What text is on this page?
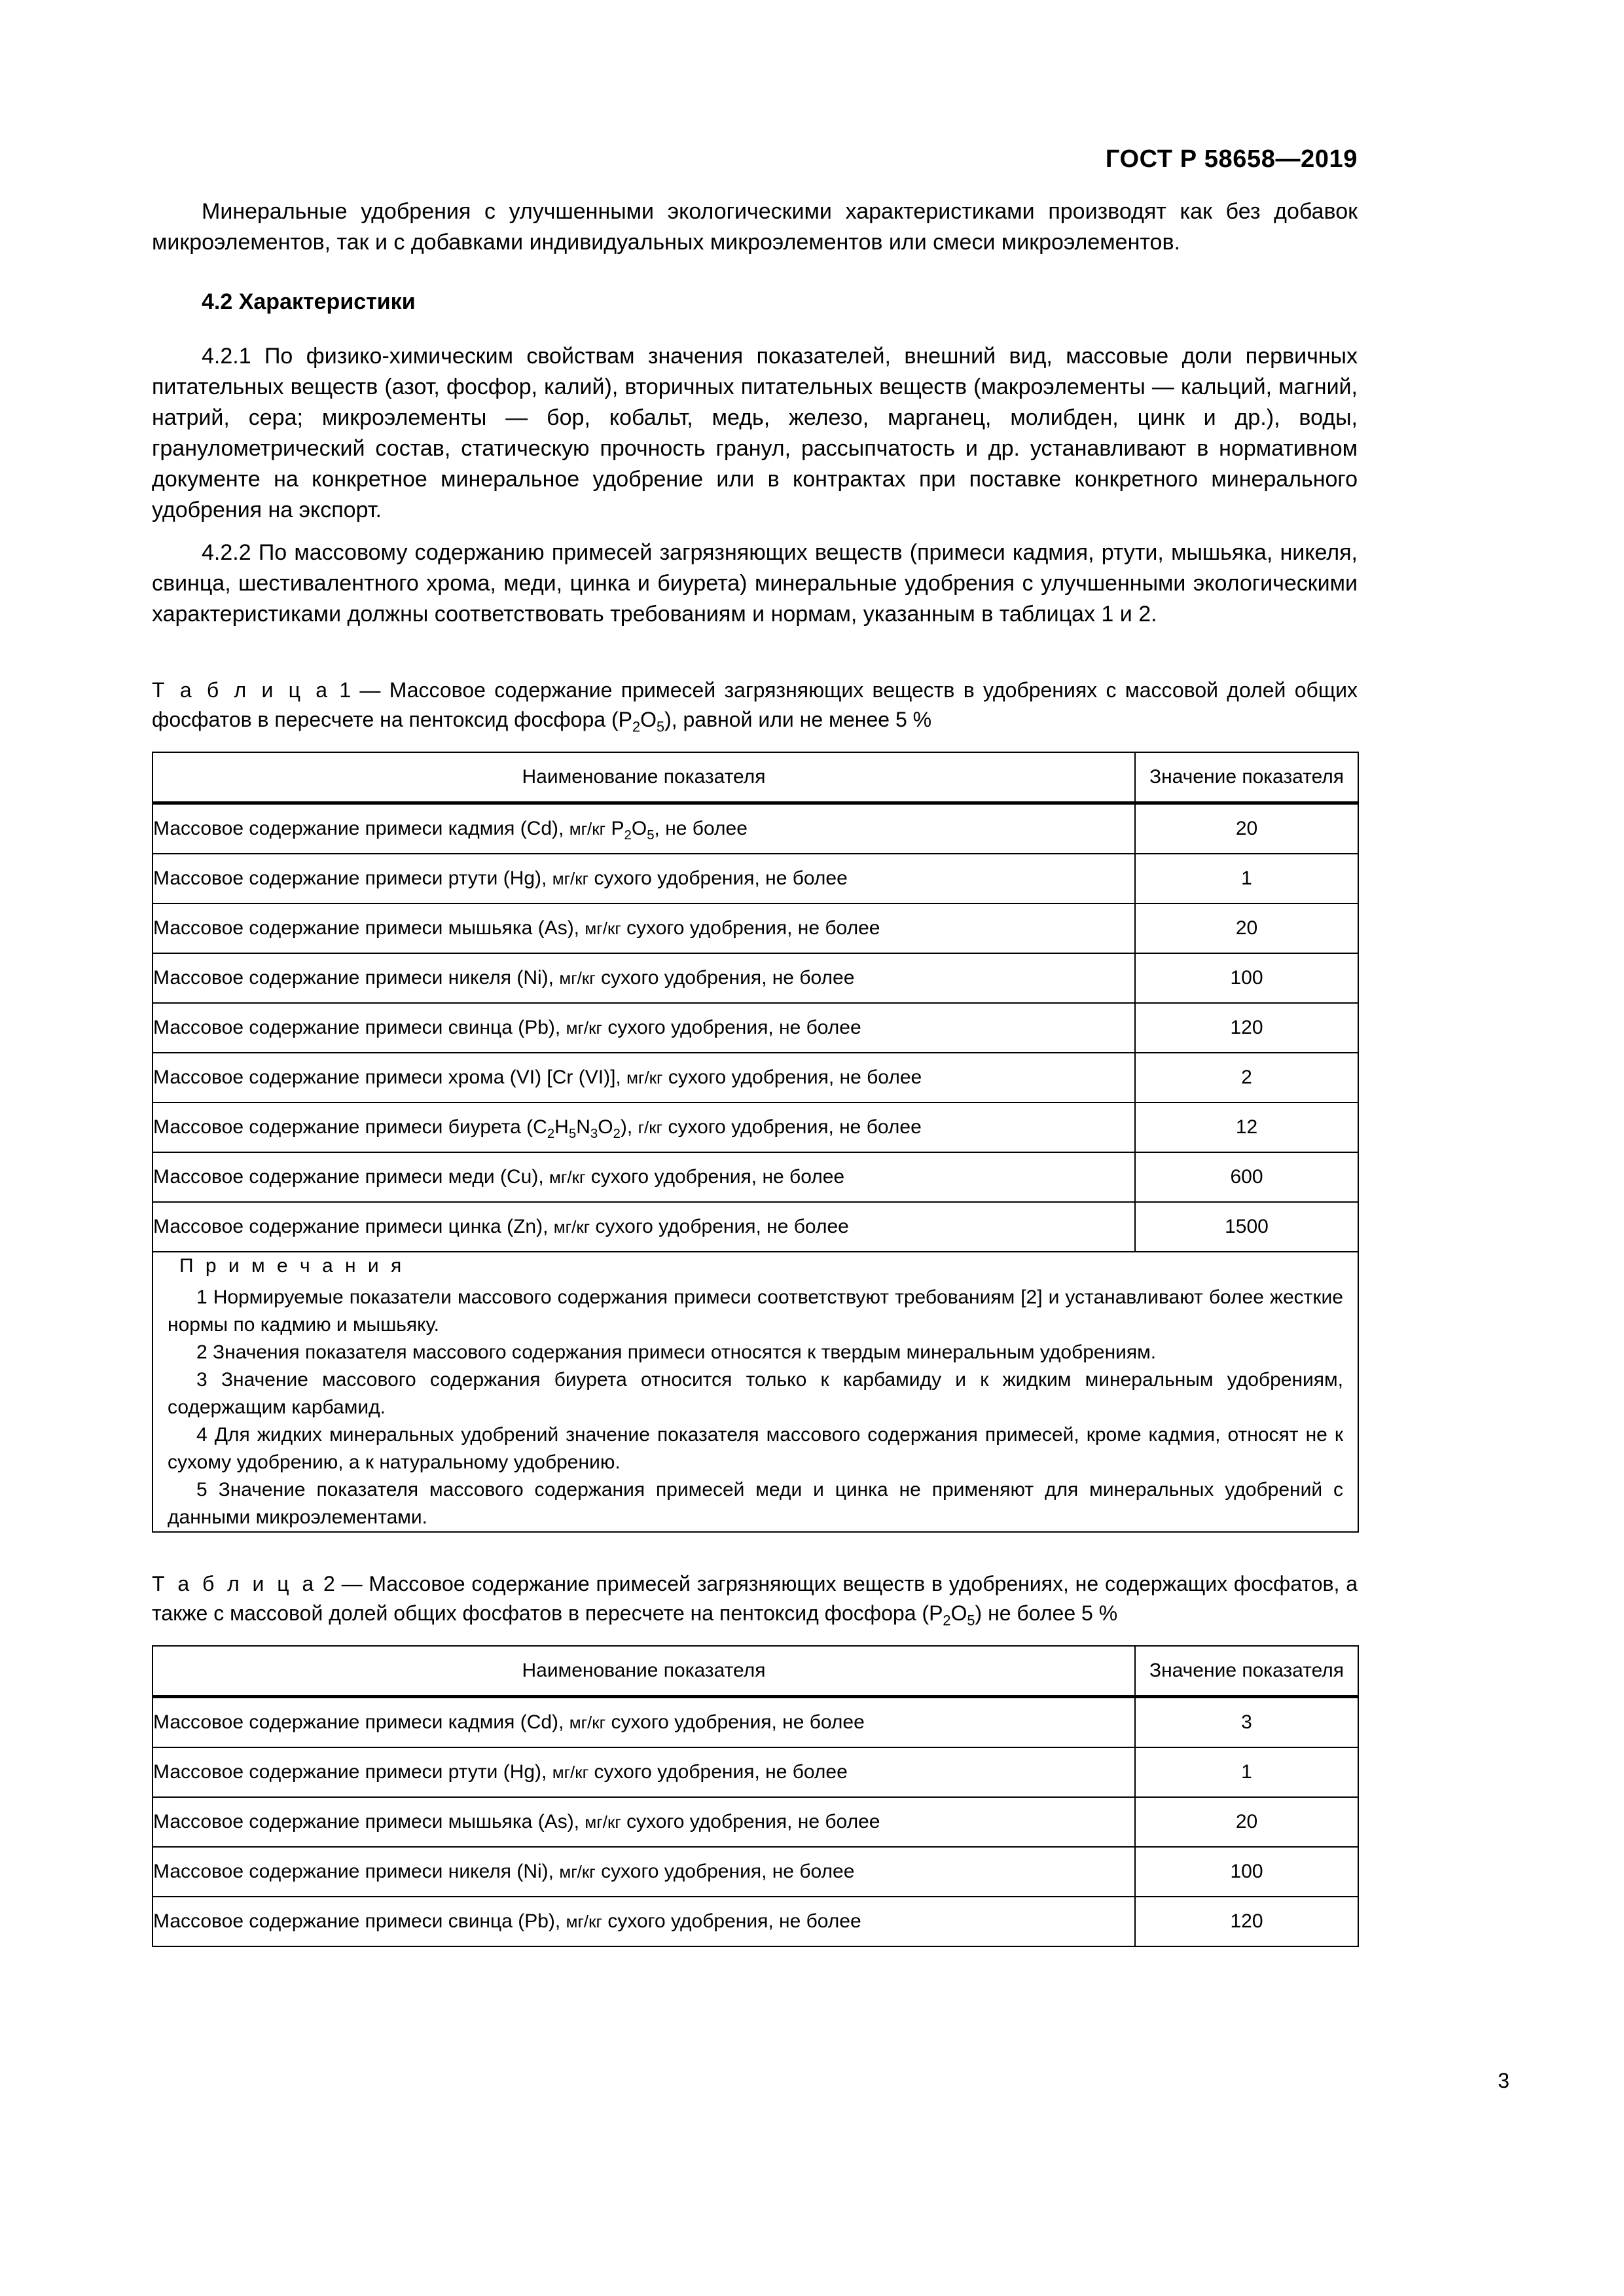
ГОСТ Р 58658—2019

Минеральные удобрения с улучшенными экологическими характеристиками производят как без добавок микроэлементов, так и с добавками индивидуальных микроэлементов или смеси микроэлементов.

4.2 Характеристики

4.2.1 По физико-химическим свойствам значения показателей, внешний вид, массовые доли первичных питательных веществ (азот, фосфор, калий), вторичных питательных веществ (макроэлементы — кальций, магний, натрий, сера; микроэлементы — бор, кобальт, медь, железо, марганец, молибден, цинк и др.), воды, гранулометрический состав, статическую прочность гранул, рассыпчатость и др. устанавливают в нормативном документе на конкретное минеральное удобрение или в контрактах при поставке конкретного минерального удобрения на экспорт.

4.2.2 По массовому содержанию примесей загрязняющих веществ (примеси кадмия, ртути, мышьяка, никеля, свинца, шестивалентного хрома, меди, цинка и биурета) минеральные удобрения с улучшенными экологическими характеристиками должны соответствовать требованиям и нормам, указанным в таблицах 1 и 2.

Т а б л и ц а 1 — Массовое содержание примесей загрязняющих веществ в удобрениях с массовой долей общих фосфатов в пересчете на пентоксид фосфора $(P_2O_5)$, равной или не менее 5 %

Наименование показателя	Значение показателя
Массовое содержание примеси кадмия (Cd), мг/кг $P_2O_5$, не более	20
Массовое содержание примеси ртути (Hg), мг/кг сухого удобрения, не более	1
Массовое содержание примеси мышьяка (As), мг/кг сухого удобрения, не более	20
Массовое содержание примеси никеля (Ni), мг/кг сухого удобрения, не более	100
Массовое содержание примеси свинца (Pb), мг/кг сухого удобрения, не более	120
Массовое содержание примеси хрома (VI) [Cr (VI)], мг/кг сухого удобрения, не более	2
Массовое содержание примеси биурета $(C_2H_5N_3O_2)$, г/кг сухого удобрения, не более	12
Массовое содержание примеси меди (Cu), мг/кг сухого удобрения, не более	600
Массовое содержание примеси цинка (Zn), мг/кг сухого удобрения, не более	1500

П р и м е ч а н и я

1 Нормируемые показатели массового содержания примеси соответствуют требованиям [2] и устанавливают более жесткие нормы по кадмию и мышьяку.

2 Значения показателя массового содержания примеси относятся к твердым минеральным удобрениям.

3 Значение массового содержания биурета относится только к карбамиду и к жидким минеральным удобрениям, содержащим карбамид.

4 Для жидких минеральных удобрений значение показателя массового содержания примесей, кроме кадмия, относят не к сухому удобрению, а к натуральному удобрению.

5 Значение показателя массового содержания примесей меди и цинка не применяют для минеральных удобрений с данными микроэлементами.

Т а б л и ц а 2 — Массовое содержание примесей загрязняющих веществ в удобрениях, не содержащих фосфатов, а также с массовой долей общих фосфатов в пересчете на пентоксид фосфора $(P_2O_5)$ не более 5 %

Наименование показателя	Значение показателя
Массовое содержание примеси кадмия (Cd), мг/кг сухого удобрения, не более	3
Массовое содержание примеси ртути (Hg), мг/кг сухого удобрения, не более	1
Массовое содержание примеси мышьяка (As), мг/кг сухого удобрения, не более	20
Массовое содержание примеси никеля (Ni), мг/кг сухого удобрения, не более	100
Массовое содержание примеси свинца (Pb), мг/кг сухого удобрения, не более	120
3
